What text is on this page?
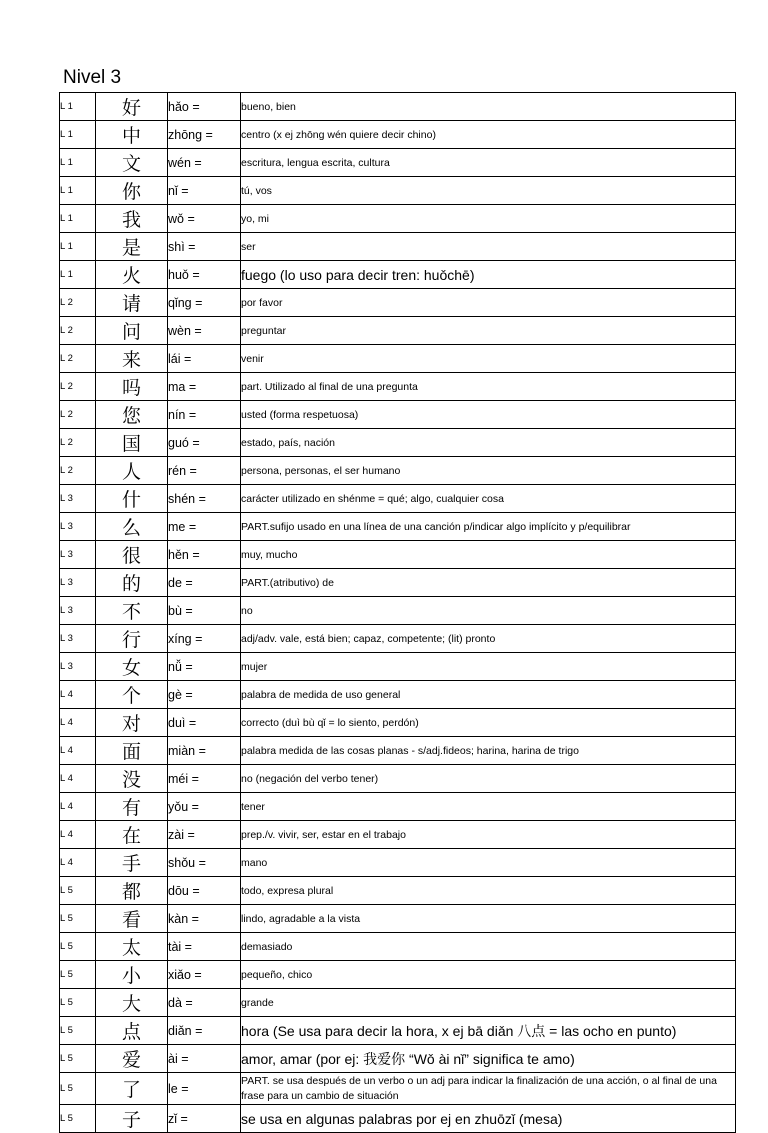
Nivel 3
L 1	好	hǎo =	bueno, bien
L 1	中	zhōng =	centro (x ej zhōng wén quiere decir chino)
L 1	文	wén =	escritura, lengua escrita, cultura
L 1	你	nǐ =	tú, vos
L 1	我	wǒ =	yo, mi
L 1	是	shì =	ser
L 1	火	huǒ =	fuego (lo uso para decir tren: huǒchē)
L 2	请	qǐng =	por favor
L 2	问	wèn =	preguntar
L 2	来	lái =	venir
L 2	吗	ma =	part. Utilizado al final de una pregunta
L 2	您	nín =	usted (forma respetuosa)
L 2	国	guó =	estado, país, nación
L 2	人	rén =	persona, personas, el ser humano
L 3	什	shén =	carácter utilizado en shénme = qué; algo, cualquier cosa
L 3	么	me =	PART.sufijo usado en una línea de una canción p/indicar algo implícito y p/equilibrar
L 3	很	hěn =	muy, mucho
L 3	的	de =	PART.(atributivo) de
L 3	不	bù =	no
L 3	行	xíng =	adj/adv. vale, está bien; capaz, competente; (lit) pronto
L 3	女	nǚ =	mujer
L 4	个	gè =	palabra de medida de uso general
L 4	对	duì =	correcto (duì bù qǐ = lo siento, perdón)
L 4	面	miàn =	palabra medida de las cosas planas - s/adj.fideos; harina, harina de trigo
L 4	没	méi =	no (negación del verbo tener)
L 4	有	yǒu =	tener
L 4	在	zài =	prep./v. vivir, ser, estar en el trabajo
L 4	手	shǒu =	mano
L 5	都	dōu =	todo, expresa plural
L 5	看	kàn =	lindo, agradable a la vista
L 5	太	tài =	demasiado
L 5	小	xiǎo =	pequeño, chico
L 5	大	dà =	grande
L 5	点	diǎn =	hora (Se usa para decir la hora, x ej bā diǎn 八点 = las ocho en punto)
L 5	爱	ài =	amor, amar (por ej: 我爱你 “Wǒ ài nǐ” significa te amo)
L 5	了	le =	PART. se usa después de un verbo o un adj para indicar la finalización de una acción, o al final de una frase para un cambio de situación
L 5	子	zǐ =	se usa en algunas palabras por ej en zhuōzǐ (mesa)
